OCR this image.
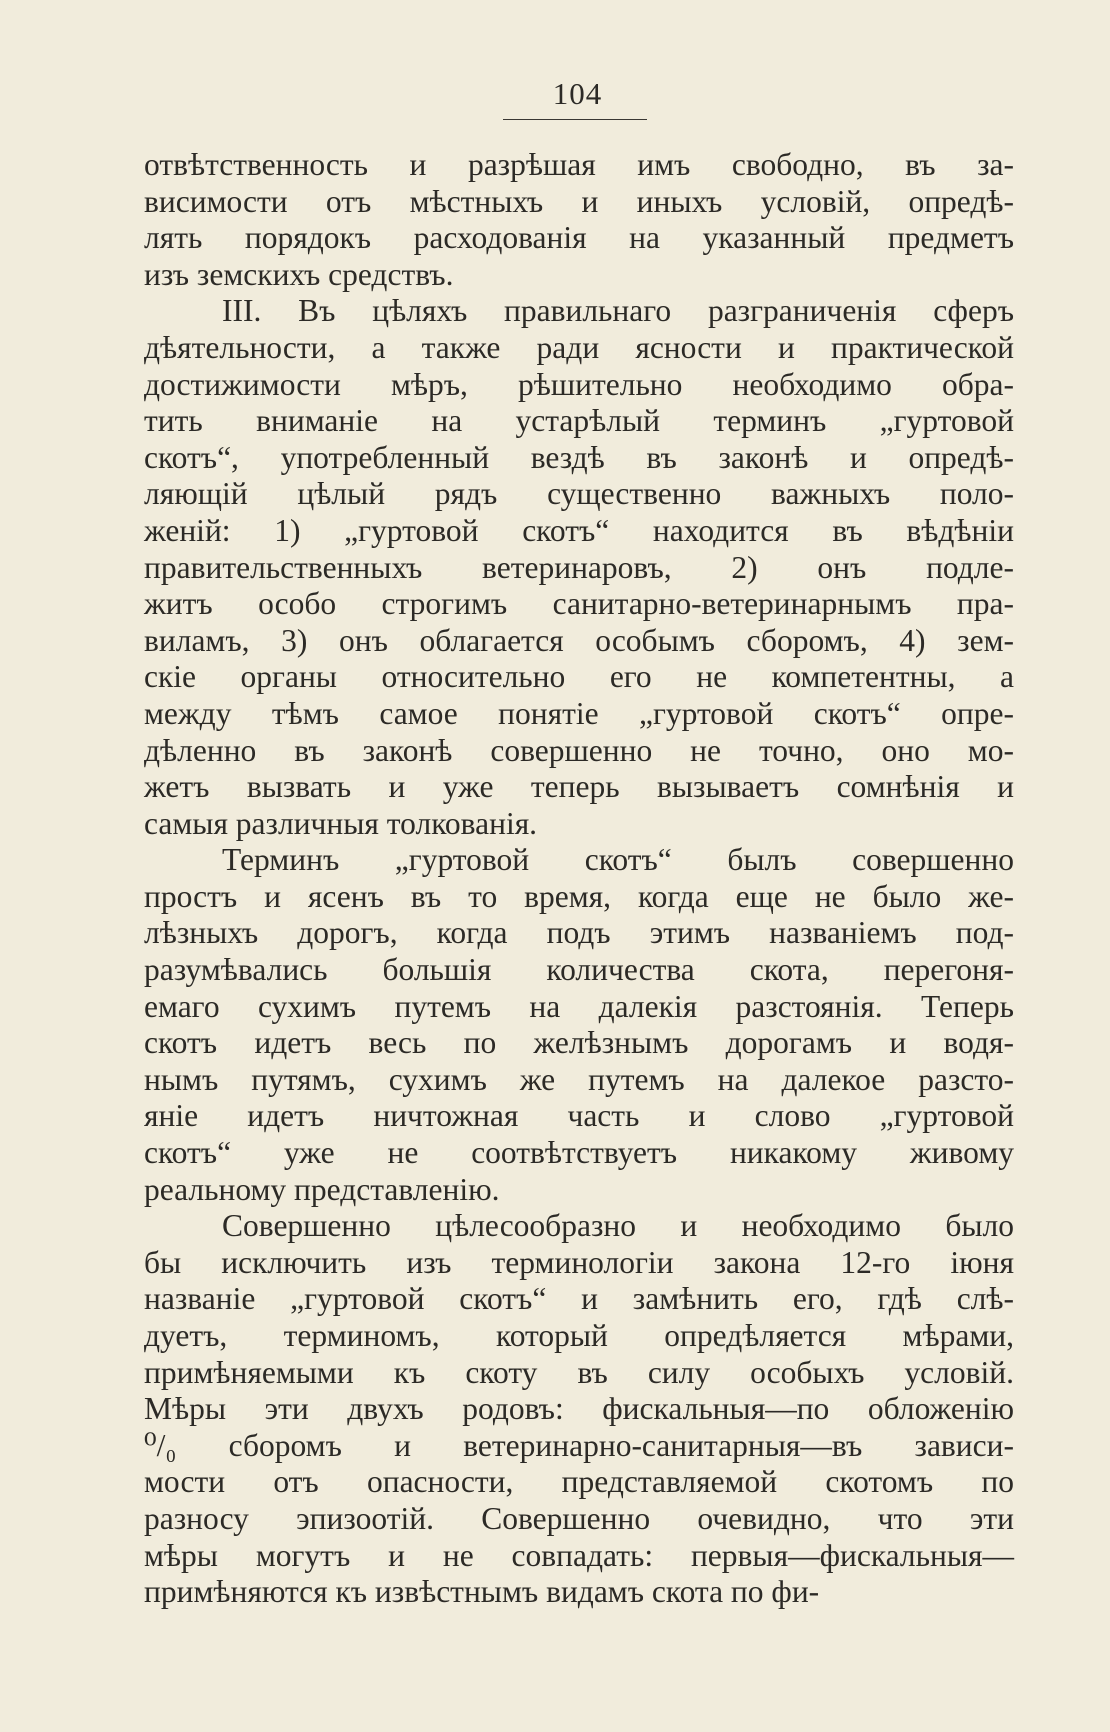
104
отвѣтственность и разрѣшая имъ свободно, въ за-
висимости отъ мѣстныхъ и иныхъ условій, опредѣ-
лять порядокъ расходованія на указанный предметъ
изъ земскихъ средствъ.
III. Въ цѣляхъ правильнаго разграниченія сферъ
дѣятельности, а также ради ясности и практической
достижимости мѣръ, рѣшительно необходимо обра-
тить вниманіе на устарѣлый терминъ „гуртовой
скотъ“, употребленный вездѣ въ законѣ и опредѣ-
ляющій цѣлый рядъ существенно важныхъ поло-
женій: 1) „гуртовой скотъ“ находится въ вѣдѣніи
правительственныхъ ветеринаровъ, 2) онъ подле-
житъ особо строгимъ санитарно-ветеринарнымъ пра-
виламъ, 3) онъ облагается особымъ сборомъ, 4) зем-
скіе органы относительно его не компетентны, а
между тѣмъ самое понятіе „гуртовой скотъ“ опре-
дѣленно въ законѣ совершенно не точно, оно мо-
жетъ вызвать и уже теперь вызываетъ сомнѣнія и
самыя различныя толкованія.
Терминъ „гуртовой скотъ“ былъ совершенно
простъ и ясенъ въ то время, когда еще не было же-
лѣзныхъ дорогъ, когда подъ этимъ названіемъ под-
разумѣвались большія количества скота, перегоня-
емаго сухимъ путемъ на далекія разстоянія. Теперь
скотъ идетъ весь по желѣзнымъ дорогамъ и водя-
нымъ путямъ, сухимъ же путемъ на далекое разсто-
яніе идетъ ничтожная часть и слово „гуртовой
скотъ“ уже не соотвѣтствуетъ никакому живому
реальному представленію.
Совершенно цѣлесообразно и необходимо было
бы исключить изъ терминологіи закона 12-го іюня
названіе „гуртовой скотъ“ и замѣнить его, гдѣ слѣ-
дуетъ, терминомъ, который опредѣляется мѣрами,
примѣняемыми къ скоту въ силу особыхъ условій.
Мѣры эти двухъ родовъ: фискальныя—по обложенію
⁰/₀ сборомъ и ветеринарно-санитарныя—въ зависи-
мости отъ опасности, представляемой скотомъ по
разносу эпизоотій. Совершенно очевидно, что эти
мѣры могутъ и не совпадать: первыя—фискальныя—
примѣняются къ извѣстнымъ видамъ скота по фи-
